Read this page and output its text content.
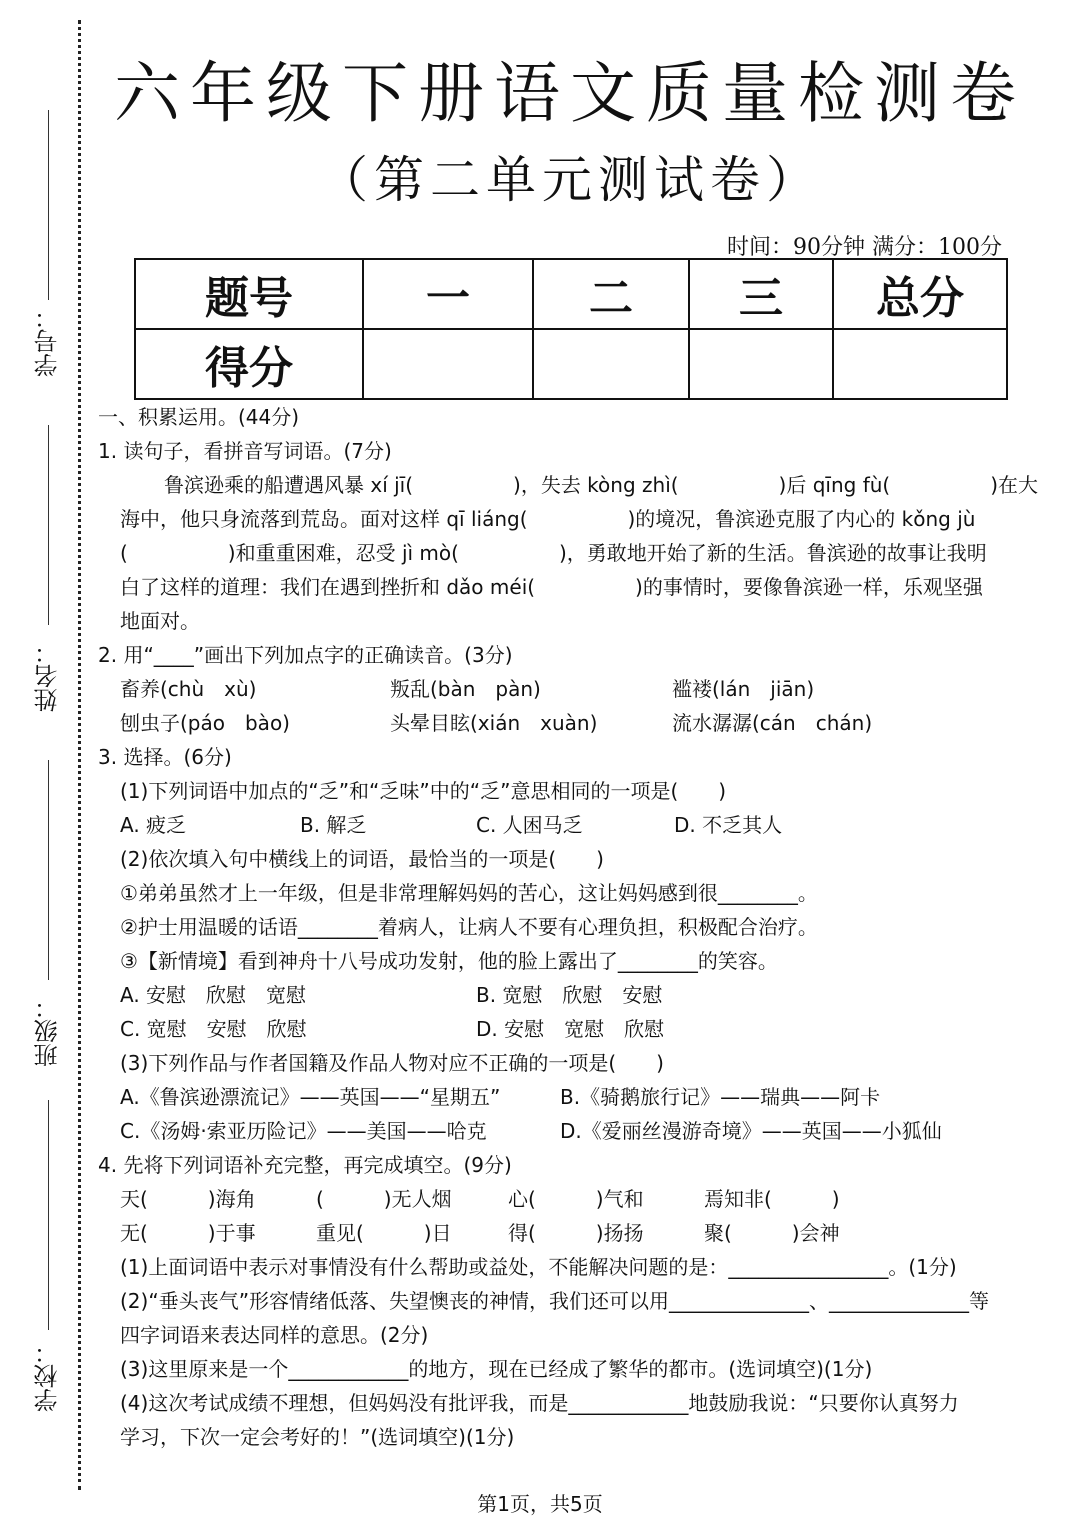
学号：
姓名：
班级：
学校：
六年级下册语文质量检测卷
（第二单元测试卷）
时间：90分钟 满分：100分
题号	一	二	三	总分
得分				
一、积累运用。(44分)
1. 读句子，看拼音写词语。(7分)
鲁滨逊乘的船遭遇风暴 xí jī(　　　　　)，失去 kòng zhì(　　　　　)后 qīng fù(　　　　　)在大
海中，他只身流落到荒岛。面对这样 qī liáng(　　　　　)的境况，鲁滨逊克服了内心的 kǒng jù
(　　　　　)和重重困难，忍受 jì mò(　　　　　)，勇敢地开始了新的生活。鲁滨逊的故事让我明
白了这样的道理：我们在遇到挫折和 dǎo méi(　　　　　)的事情时，要像鲁滨逊一样，乐观坚强
地面对。
2. 用“____”画出下列加点字的正确读音。(3分)
畜养(chù　xù)	叛乱(bàn　pàn)	褴褛(lán　jiān)
刨虫子(páo　bào)	头晕目眩(xián　xuàn)	流水潺潺(cán　chán)
3. 选择。(6分)
(1)下列词语中加点的“乏”和“乏味”中的“乏”意思相同的一项是(　　)
A. 疲乏	B. 解乏	C. 人困马乏	D. 不乏其人
(2)依次填入句中横线上的词语，最恰当的一项是(　　)
①弟弟虽然才上一年级，但是非常理解妈妈的苦心，这让妈妈感到很________。
②护士用温暖的话语________着病人，让病人不要有心理负担，积极配合治疗。
③【新情境】看到神舟十八号成功发射，他的脸上露出了________的笑容。
A. 安慰　欣慰　宽慰	B. 宽慰　欣慰　安慰
C. 宽慰　安慰　欣慰	D. 安慰　宽慰　欣慰
(3)下列作品与作者国籍及作品人物对应不正确的一项是(　　)
A.《鲁滨逊漂流记》——英国——“星期五”	B.《骑鹅旅行记》——瑞典——阿卡
C.《汤姆·索亚历险记》——美国——哈克	D.《爱丽丝漫游奇境》——英国——小狐仙
4. 先将下列词语补充完整，再完成填空。(9分)
天(　　　)海角	(　　　)无人烟	心(　　　)气和	焉知非(　　　)
无(　　　)于事	重见(　　　)日	得(　　　)扬扬	聚(　　　)会神
(1)上面词语中表示对事情没有什么帮助或益处，不能解决问题的是：________________。(1分)
(2)“垂头丧气”形容情绪低落、失望懊丧的神情，我们还可以用______________、______________等
四字词语来表达同样的意思。(2分)
(3)这里原来是一个____________的地方，现在已经成了繁华的都市。(选词填空)(1分)
(4)这次考试成绩不理想，但妈妈没有批评我，而是____________地鼓励我说：“只要你认真努力
学习，下次一定会考好的！”(选词填空)(1分)
第1页，共5页
